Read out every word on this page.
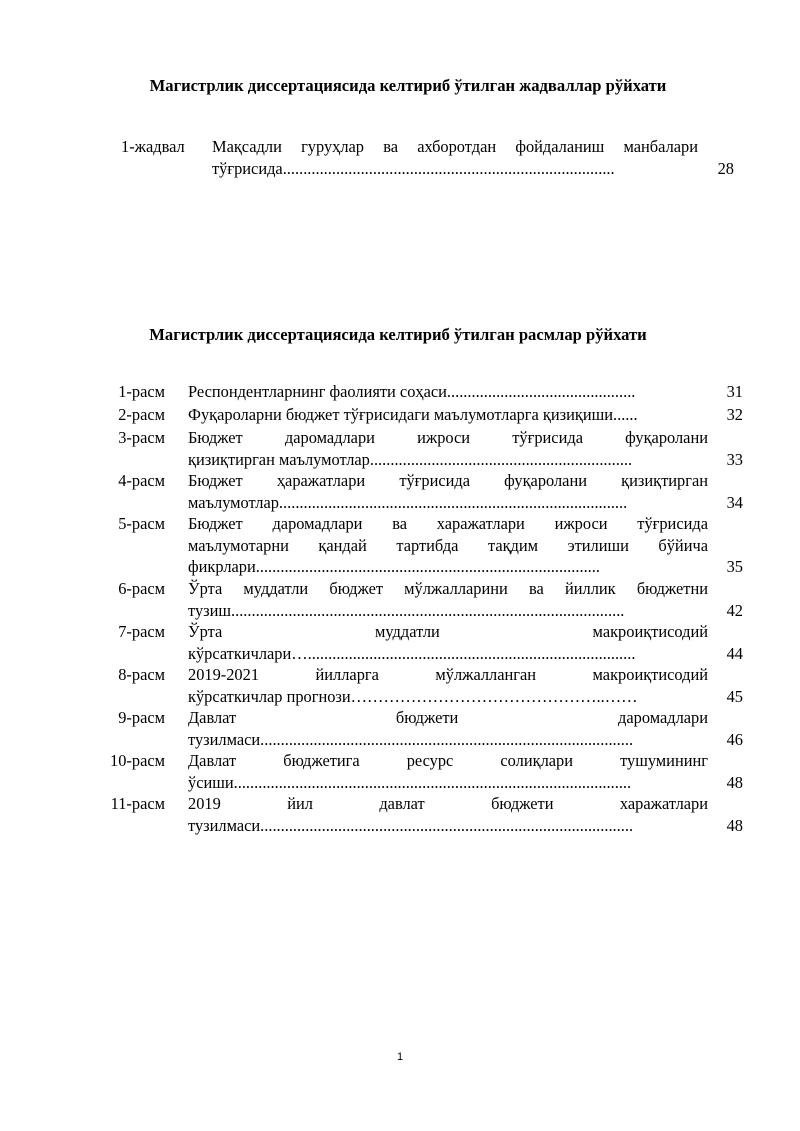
Магистрлик диссертациясида келтириб ўтилган жадваллар рўйхати
1-жадвал Мақсадли гуруҳлар ва ахборотдан фойдаланиш манбалари
тўғрисида.................................................................................	28
Магистрлик диссертациясида келтириб ўтилган расмлар рўйхати
1-расм Респондентларнинг фаолияти соҳаси..............................................	31
2-расм Фуқароларни бюджет тўғрисидаги маълумотларга қизиқиши......	32
3-расм Бюджет даромадлари ижроси тўғрисида фуқаролани
қизиқтирган маълумотлар................................................................	33
4-расм Бюджет ҳаражатлари тўғрисида фуқаролани қизиқтирган
маълумотлар.....................................................................................	34
5-расм Бюджет даромадлари ва харажатлари ижроси тўғрисида
маълумотарни қандай тартибда тақдим этилиши бўйича
фикрлари....................................................................................	35
6-расм Ўрта муддатли бюджет мўлжалларини ва йиллик бюджетни
тузиш................................................................................................	42
7-расм Ўрта муддатли макроиқтисодий
кўрсаткичлари…................................................................................	44
8-расм 2019-2021 йилларга мўлжалланган макроиқтисодий
кўрсаткичлар прогнози………………………………………..……	45
9-расм Давлат бюджети даромадлари
тузилмаси...........................................................................................	46
10-расм Давлат бюджетига ресурс солиқлари тушумининг
ўсиши.................................................................................................	48
11-расм 2019 йил давлат бюджети харажатлари
тузилмаси...........................................................................................	48
1
